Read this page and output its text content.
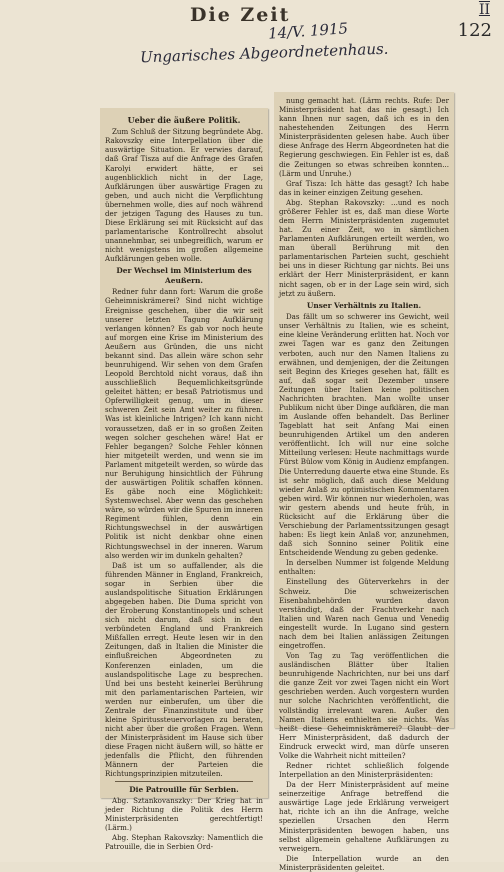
Die Zeit
14/V. 1915
II
122
Ungarisches Abgeordnetenhaus.
Ueber die äußere Politik.

Zum Schluß der Sitzung begründete Abg. Rakovszky eine Interpellation über die auswärtige Situation. Er verwies darauf, daß Graf Tisza auf die Anfrage des Grafen Karolyi erwidert hätte, er sei augenblicklich nicht in der Lage, Aufklärungen über auswärtige Fragen zu geben, und auch nicht die Verpflichtung übernehmen wolle, dies auf noch während der jetzigen Tagung des Hauses zu tun. Diese Erklärung sei mit Rücksicht auf das parlamentarische Kontrollrecht absolut unannehmbar, sei unbegreiflich, warum er nicht wenigstens im großen allgemeine Aufklärungen geben wolle.

Der Wechsel im Ministerium des Aeußern.

Redner fuhr dann fort: Warum die große Geheimniskrämerei? Sind nicht wichtige Ereignisse geschehen, über die wir seit unserer letzten Tagung Aufklärung verlangen können? Es gab vor noch heute auf morgen eine Krise im Ministerium des Aeußern aus Gründen, die uns nicht bekannt sind. Das allein wäre schon sehr beunruhigend. Wir sehen von dem Grafen Leopold Berchtold nicht voraus, daß ihn ausschließlich Bequemlichkeitsgründe geleitet hätten; er besaß Patriotismus und Opferwilligkeit genug, um in dieser schweren Zeit sein Amt weiter zu führen. Was ist kleinliche Intrigen? Ich kann nicht voraussetzen, daß er in so großen Zeiten wegen solcher geschehen wäre! Hat er Fehler begangen? Solche Fehler können hier mitgeteilt werden, und wenn sie im Parlament mitgeteilt werden, so würde das nur Beruhigung hinsichtlich der Führung der auswärtigen Politik schaffen können. Es gäbe noch eine Möglichkeit: Systemwechsel. Aber wenn das geschehen wäre, so würden wir die Spuren im inneren Regiment fühlen, denn ein Richtungswechsel in der auswärtigen Politik ist nicht denkbar ohne einen Richtungswechsel in der inneren. Warum also werden wir im dunkeln gehalten?

Daß ist um so auffallender, als die führenden Männer in England, Frankreich, sogar in Serbien über die auslandspolitische Situation Erklärungen abgegeben haben. Die Duma spricht von der Eroberung Konstantinopels und scheut sich nicht darum, daß sich in den verbündeten England und Frankreich Mißfallen erregt. Heute lesen wir in den Zeitungen, daß in Italien die Minister die einflußreichen Abgeordneten zu Konferenzen einladen, um die auslandspolitische Lage zu besprechen. Und bei uns besteht keinerlei Berührung mit den parlamentarischen Parteien, wir werden nur einberufen, um über die Zentrale der Finanzinstitute und über kleine Spiritussteuervorlagen zu beraten, nicht aber über die großen Fragen. Wenn der Ministerpräsident im Hause sich über diese Fragen nicht äußern will, so hätte er jedenfalls die Pflicht, den führenden Männern der Parteien die Richtungsprinzipien mitzuteilen.

Die Patrouille für Serbien.

Abg. Sztankovanszky: Der Krieg hat in jeder Richtung die Politik des Herrn Ministerpräsidenten gerechtfertigt! (Lärm.)

Abg. Stephan Rakovszky: Namentlich die Patrouille, die in Serbien Ord-

nung gemacht hat. (Lärm rechts. Rufe: Der Ministerpräsident hat das nie gesagt.) Ich kann Ihnen nur sagen, daß ich es in den nahestehenden Zeitungen des Herrn Ministerpräsidenten gelesen habe. Auch über diese Anfrage des Herrn Abgeordneten hat die Regierung geschwiegen. Ein Fehler ist es, daß die Zeitungen so etwas schreiben konnten... (Lärm und Unruhe.)

Graf Tisza: Ich hätte das gesagt? Ich habe das in keiner einzigen Zeitung gesehen.

Abg. Stephan Rakovszky: ...und es noch größerer Fehler ist es, daß man diese Worte dem Herrn Ministerpräsidenten zugemutet hat. Zu einer Zeit, wo in sämtlichen Parlamenten Aufklärungen erteilt werden, wo man überall Berührung mit den parlamentarischen Parteien sucht, geschieht bei uns in dieser Richtung gar nichts. Bei uns erklärt der Herr Ministerpräsident, er kann nicht sagen, ob er in der Lage sein wird, sich jetzt zu äußern.

Unser Verhältnis zu Italien.

Das fällt um so schwerer ins Gewicht, weil unser Verhältnis zu Italien, wie es scheint, eine kleine Veränderung erlitten hat. Noch vor zwei Tagen war es ganz den Zeitungen verboten, auch nur den Namen Italiens zu erwähnen, und demjenigen, der die Zeitungen seit Beginn des Krieges gesehen hat, fällt es auf, daß sogar seit Dezember unsere Zeitungen über Italien keine politischen Nachrichten brachten. Man wollte unser Publikum nicht über Dinge aufklären, die man im Auslande offen behandelt. Das Berliner Tageblatt hat seit Anfang Mai einen beunruhigenden Artikel um den anderen veröffentlicht. Ich will nur eine solche Mitteilung verlesen: Heute nachmittags wurde Fürst Bülow vom König in Audienz empfangen. Die Unterredung dauerte etwa eine Stunde. Es ist sehr möglich, daß auch diese Meldung wieder Anlaß zu optimistischen Kommentaren geben wird. Wir können nur wiederholen, was wir gestern abends und heute früh, in Rücksicht auf die Erklärung über die Verschiebung der Parlamentssitzungen gesagt haben: Es liegt kein Anlaß vor, anzunehmen, daß sich Sonnino seiner Politik eine Entscheidende Wendung zu geben gedenke.

In derselben Nummer ist folgende Meldung enthalten:

Einstellung des Güterverkehrs in der Schweiz. Die schweizerischen Eisenbahnbehörden wurden davon verständigt, daß der Frachtverkehr nach Italien und Waren nach Genua und Venedig eingestellt wurde. In Lugano sind gestern nach dem bei Italien anlässigen Zeitungen eingetroffen.

Von Tag zu Tag veröffentlichen die ausländischen Blätter über Italien beunruhigende Nachrichten, nur bei uns darf die ganze Zeit vor zwei Tagen nicht ein Wort geschrieben werden. Auch vorgestern wurden nur solche Nachrichten veröffentlicht, die vollständig irrelevant waren. Außer den Namen Italiens enthielten sie nichts. Was heißt diese Geheimniskrämerei? Glaubt der Herr Ministerpräsident, daß dadurch der Eindruck erweckt wird, man dürfe unseren Volke die Wahrheit nicht mitteilen?

Redner richtet schließlich folgende Interpellation an den Ministerpräsidenten:

Da der Herr Ministerpräsident auf meine seinerzeitige Anfrage betreffend die auswärtige Lage jede Erklärung verweigert hat, richte ich an ihn die Anfrage, welche speziellen Ursachen den Herrn Ministerpräsidenten bewogen haben, uns selbst allgemein gehaltene Aufklärungen zu verweigern.

Die Interpellation wurde an den Ministerpräsidenten geleitet.
